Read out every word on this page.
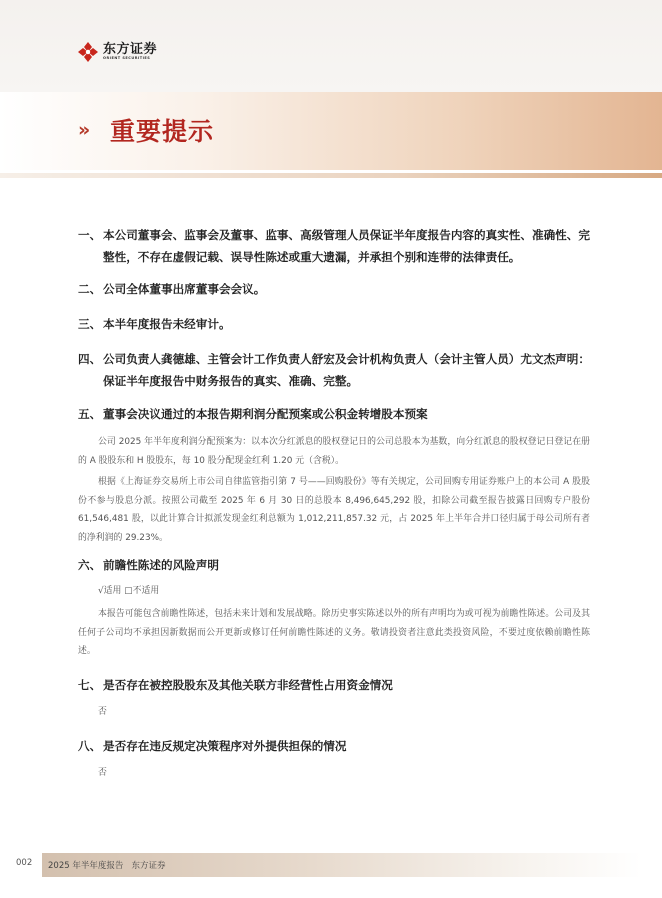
东方证券
ORIENT SECURITIES
» 重要提示
一、 本公司董事会、监事会及董事、监事、高级管理人员保证半年度报告内容的真实性、准确性、完整性，不存在虚假记载、误导性陈述或重大遗漏，并承担个别和连带的法律责任。
二、 公司全体董事出席董事会会议。
三、 本半年度报告未经审计。
四、 公司负责人龚德雄、主管会计工作负责人舒宏及会计机构负责人（会计主管人员）尤文杰声明：保证半年度报告中财务报告的真实、准确、完整。
五、 董事会决议通过的本报告期利润分配预案或公积金转增股本预案

公司 2025 年半年度利润分配预案为：以本次分红派息的股权登记日的公司总股本为基数，向分红派息的股权登记日登记在册的 A 股股东和 H 股股东，每 10 股分配现金红利 1.20 元（含税）。

根据《上海证券交易所上市公司自律监管指引第 7 号——回购股份》等有关规定，公司回购专用证券账户上的本公司 A 股股份不参与股息分派。按照公司截至 2025 年 6 月 30 日的总股本 8,496,645,292 股，扣除公司截至报告披露日回购专户股份 61,546,481 股，以此计算合计拟派发现金红利总额为 1,012,211,857.32 元，占 2025 年上半年合并口径归属于母公司所有者的净利润的 29.23%。

六、 前瞻性陈述的风险声明
√适用 □不适用

本报告可能包含前瞻性陈述，包括未来计划和发展战略。除历史事实陈述以外的所有声明均为或可视为前瞻性陈述。公司及其任何子公司均不承担因新数据而公开更新或修订任何前瞻性陈述的义务。敬请投资者注意此类投资风险，不要过度依赖前瞻性陈述。

七、 是否存在被控股股东及其他关联方非经营性占用资金情况
否
八、 是否存在违反规定决策程序对外提供担保的情况
否
002 2025 年半年度报告 东方证券
